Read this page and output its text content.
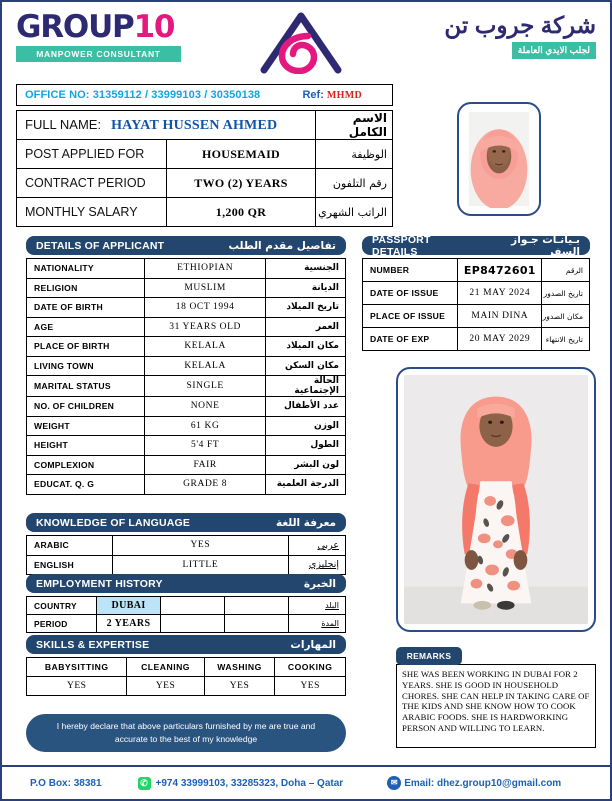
GROUP10
MANPOWER CONSULTANT
شركة جروب تن
لجلب الايدي العاملة
OFFICE NO: 31359112 / 33999103 / 30350138	Ref: MHMD
FULL NAME: HAYAT HUSSEN AHMED		الاسم الكامل
POST APPLIED FOR	HOUSEMAID	الوظيفة
CONTRACT PERIOD	TWO (2) YEARS	رقم التلفون
MONTHLY SALARY	1,200 QR	الراتب الشهري
DETAILS OF APPLICANT	تفاصيل مقدم الطلب
NATIONALITY	ETHIOPIAN	الجنسية
RELIGION	MUSLIM	الديانة
DATE OF BIRTH	18 OCT 1994	تاريخ الميلاد
AGE	31 YEARS OLD	العمر
PLACE OF BIRTH	KELALA	مكان الميلاد
LIVING TOWN	KELALA	مكان السكن
MARITAL STATUS	SINGLE	الحالة الإجتماعية
NO. OF CHILDREN	NONE	عدد الأطفال
WEIGHT	61 KG	الوزن
HEIGHT	5'4 FT	الطول
COMPLEXION	FAIR	لون البشر
EDUCAT. Q. G	GRADE 8	الدرجة العلمية
PASSPORT DETAILS
بـيانـات جـواز السفر
NUMBER	EP8472601	الرقم
DATE OF ISSUE	21 MAY 2024	تاريخ الصدور
PLACE OF ISSUE	MAIN DINA	مكان الصدور
DATE OF EXP	20 MAY 2029	تاريخ الانتهاء
KNOWLEDGE OF LANGUAGE	معرفة اللغة
ARABIC	YES	عربي
ENGLISH	LITTLE	إنجليزي
EMPLOYMENT HISTORY	الخبرة
COUNTRY	DUBAI			البلد
PERIOD	2 YEARS			المدة
SKILLS & EXPERTISE	المهارات
BABYSITTING	CLEANING	WASHING	COOKING
YES	YES	YES	YES
I hereby declare that above particulars furnished by me are true and accurate to the best of my knowledge
REMARKS
SHE WAS BEEN WORKING IN DUBAI FOR 2 YEARS. SHE IS GOOD IN HOUSEHOLD CHORES. SHE CAN HELP IN TAKING CARE OF THE KIDS AND SHE KNOW HOW TO COOK ARABIC FOODS. SHE IS HARDWORKING PERSON AND WILLING TO LEARN.
P.O Box: 38381	✆ +974 33999103, 33285323, Doha – Qatar	✉ Email: dhez.group10@gmail.com
